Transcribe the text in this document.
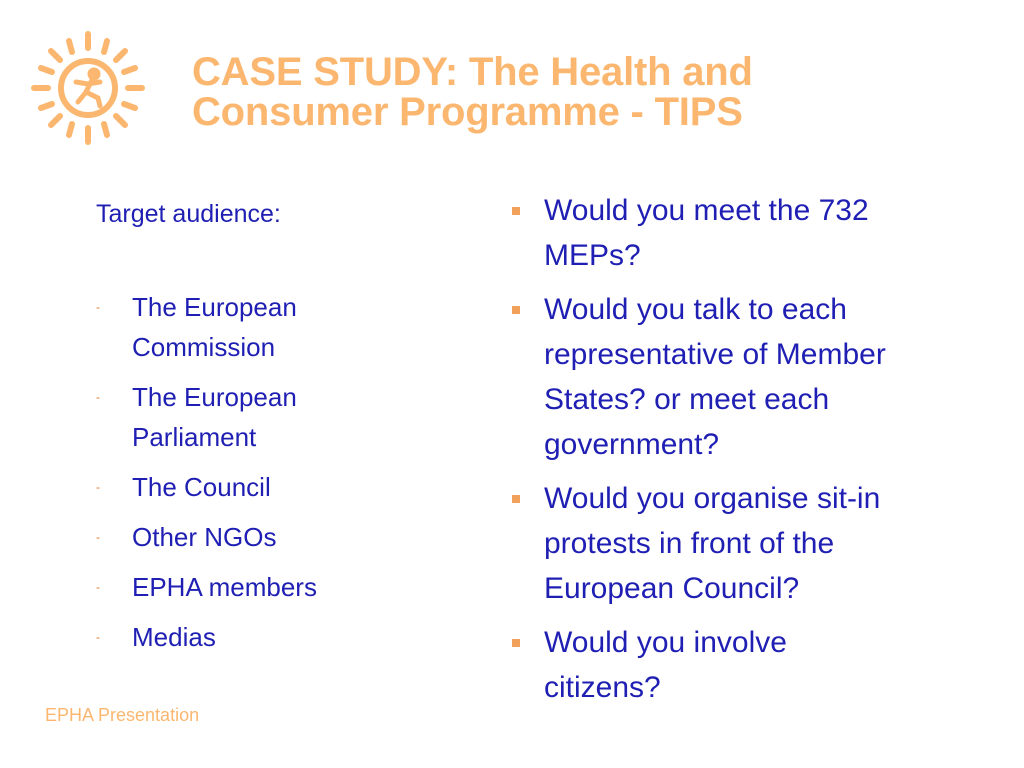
CASE STUDY: The Health and
Consumer Programme - TIPS
Target audience:
- The European Commission
- The European Parliament
- The Council
- Other NGOs
- EPHA members
- Medias
Would you meet the 732 MEPs?
Would you talk to each representative of Member States? or meet each government?
Would you organise sit-in protests in front of the European Council?
Would you involve citizens?
EPHA Presentation
